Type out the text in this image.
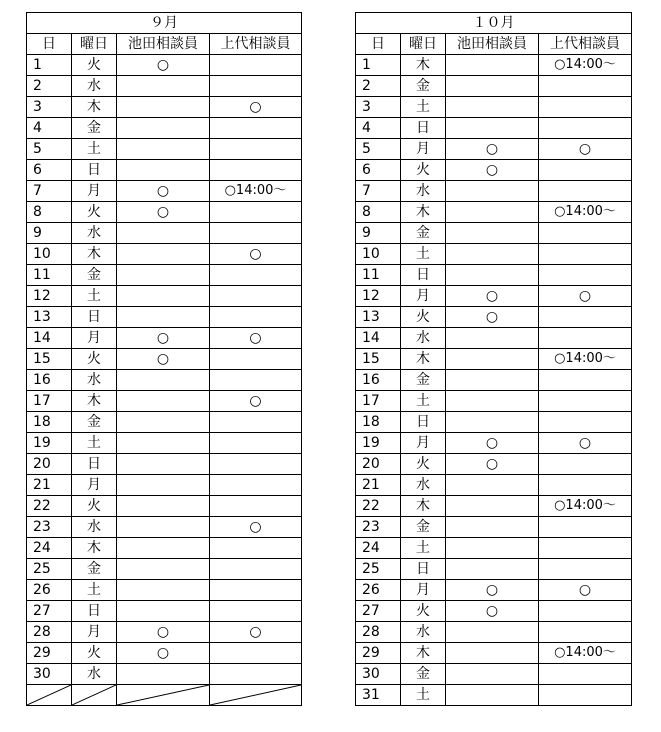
９月			
日	曜日	池田相談員	上代相談員
1	火	○	
2	水		
3	木		○
4	金		
5	土		
6	日		
7	月	○	○14:00～
8	火	○	
9	水		
10	木		○
11	金		
12	土		
13	日		
14	月	○	○
15	火	○	
16	水		
17	木		○
18	金		
19	土		
20	日		
21	月		
22	火		
23	水		○
24	木		
25	金		
26	土		
27	日		
28	月	○	○
29	火	○	
30	水		

１０月			
日	曜日	池田相談員	上代相談員
1	木		○14:00～
2	金		
3	土		
4	日		
5	月	○	○
6	火	○	
7	水		
8	木		○14:00～
9	金		
10	土		
11	日		
12	月	○	○
13	火	○	
14	水		
15	木		○14:00～
16	金		
17	土		
18	日		
19	月	○	○
20	火	○	
21	水		
22	木		○14:00～
23	金		
24	土		
25	日		
26	月	○	○
27	火	○	
28	水		
29	木		○14:00～
30	金		
31	土		
